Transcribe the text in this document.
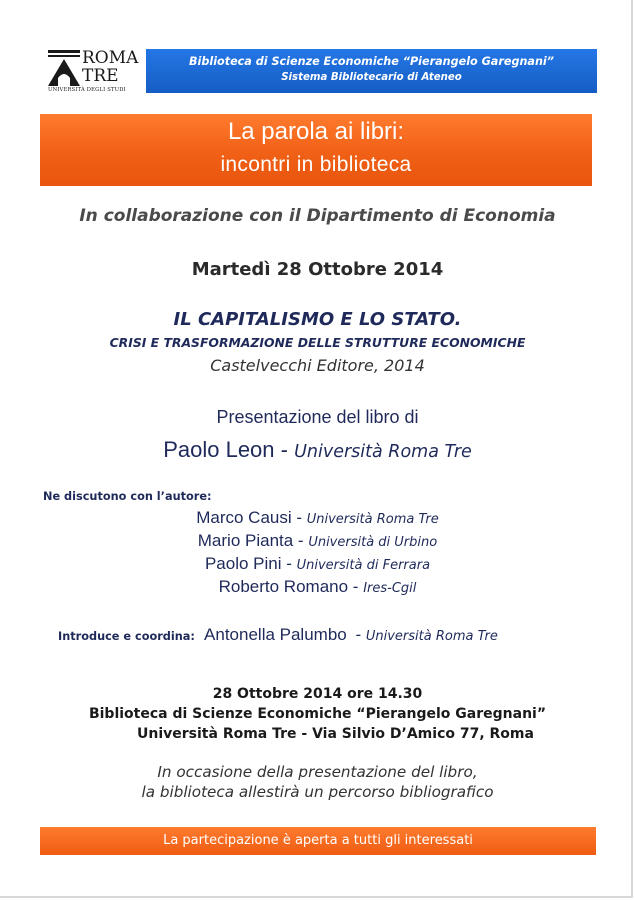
ROMA
TRE
UNIVERSITÀ DEGLI STUDI
Biblioteca di Scienze Economiche “Pierangelo Garegnani”
Sistema Bibliotecario di Ateneo
La parola ai libri:
incontri in biblioteca
In collaborazione con il Dipartimento di Economia
Martedì 28 Ottobre 2014
IL CAPITALISMO E LO STATO.
CRISI E TRASFORMAZIONE DELLE STRUTTURE ECONOMICHE
Castelvecchi Editore, 2014
Presentazione del libro di
Paolo Leon - Università Roma Tre
Ne discutono con l’autore:
Marco Causi - Università Roma Tre
Mario Pianta - Università di Urbino
Paolo Pini - Università di Ferrara
Roberto Romano - Ires-Cgil
Introduce e coordina: Antonella Palumbo - Università Roma Tre
28 Ottobre 2014 ore 14.30
Biblioteca di Scienze Economiche “Pierangelo Garegnani”
Università Roma Tre - Via Silvio D’Amico 77, Roma
In occasione della presentazione del libro,
la biblioteca allestirà un percorso bibliografico
La partecipazione è aperta a tutti gli interessati
